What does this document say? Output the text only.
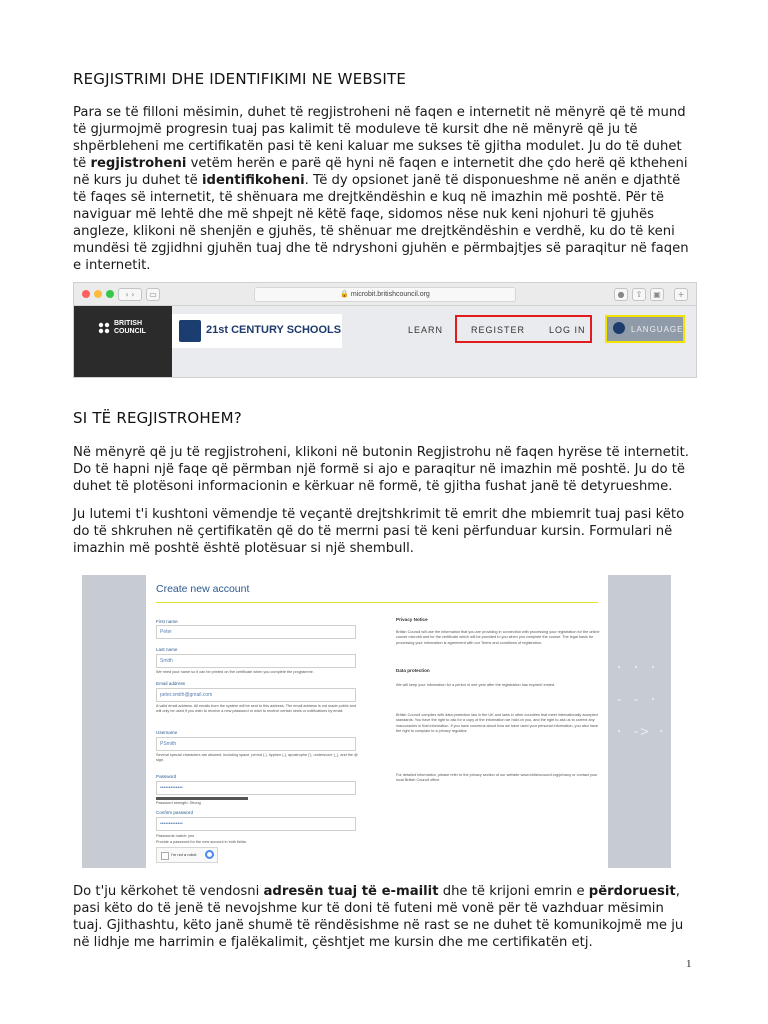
REGJISTRIMI DHE IDENTIFIKIMI NE WEBSITE
Para se të filloni mësimin, duhet të regjistroheni në faqen e internetit në mënyrë që të mund të gjurmojmë progresin tuaj pas kalimit të moduleve të kursit dhe në mënyrë që ju të shpërbleheni me certifikatën pasi të keni kaluar me sukses të gjitha modulet. Ju do të duhet të regjistroheni vetëm herën e parë që hyni në faqen e internetit dhe çdo herë që ktheheni në kurs ju duhet të identifikoheni. Të dy opsionet janë të disponueshme në anën e djathtë të faqes së internetit, të shënuara me drejtkëndëshin e kuq në imazhin më poshtë. Për të naviguar më lehtë dhe më shpejt në këtë faqe, sidomos nëse nuk keni njohuri të gjuhës angleze, klikoni në shenjën e gjuhës, të shënuar me drejtkëndëshin e verdhë, ku do të keni mundësi të zgjidhni gjuhën tuaj dhe të ndryshoni gjuhën e përmbajtjes së paraqitur në faqen e internetit.
‹ ›	▭	🔒 microbit.britishcouncil.org	●	⇧	▣	+
BRITISH
COUNCIL	21st CENTURY SCHOOLS	LEARN	REGISTER	LOG IN	LANGUAGE
SI TË REGJISTROHEM?
Në mënyrë që ju të regjistroheni, klikoni në butonin Regjistrohu në faqen hyrëse të internetit. Do të hapni një faqe që përmban një formë si ajo e paraqitur në imazhin më poshtë. Ju do të duhet të plotësoni informacionin e kërkuar në formë, të gjitha fushat janë të detyrueshme.
Ju lutemi t'i kushtoni vëmendje të veçantë drejtshkrimit të emrit dhe mbiemrit tuaj pasi këto do të shkruhen në çertifikatën që do të merrni pasi të keni përfunduar kursin. Formulari në imazhin më poshtë është plotësuar si një shembull.
· · ·

- - ·

· -> ·
Create new account
First name
Peter
Last name
Smith
We need your name so it can be printed on the certificate when you complete the programme.
Email address
peter.smith@gmail.com
A valid email address. All emails from the system will be sent to this address. The email address is not made public and will only be used if you wish to receive a new password or wish to receive certain news or notifications by email.
Username
PSmith
Several special characters are allowed, including space, period (.), hyphen (-), apostrophe ('), underscore (_), and the @ sign.
Password
•••••••••••••
Password strength: Strong
Confirm password
•••••••••••••
Passwords match: yes
Provide a password for the new account in both fields.
I'm not a robot
Privacy Notice
British Council will use the information that you are providing in connection with processing your registration for the online course microbit and for the certificate which will be provided to you when you complete the course. The legal basis for processing your information is agreement with our Terms and conditions of registration.
Data protection
We will keep your information for a period of one year after the registration has expired/ ended.
British Council complies with data protection law in the UK and laws in other countries that meet internationally accepted standards. You have the right to ask for a copy of the information we hold on you, and the right to ask us to correct any inaccuracies in that information. If you have concerns about how we have used your personal information, you also have the right to complain to a privacy regulator.
For detailed information, please refer to the privacy section of our website www.britishcouncil.org/privacy or contact your local British Council office.
Do t'ju kërkohet të vendosni adresën tuaj të e-mailit dhe të krijoni emrin e përdoruesit, pasi këto do të jenë të nevojshme kur të doni të futeni më vonë për të vazhduar mësimin tuaj. Gjithashtu, këto janë shumë të rëndësishme në rast se ne duhet të komunikojmë me ju në lidhje me harrimin e fjalëkalimit, çështjet me kursin dhe me certifikatën etj.
1
